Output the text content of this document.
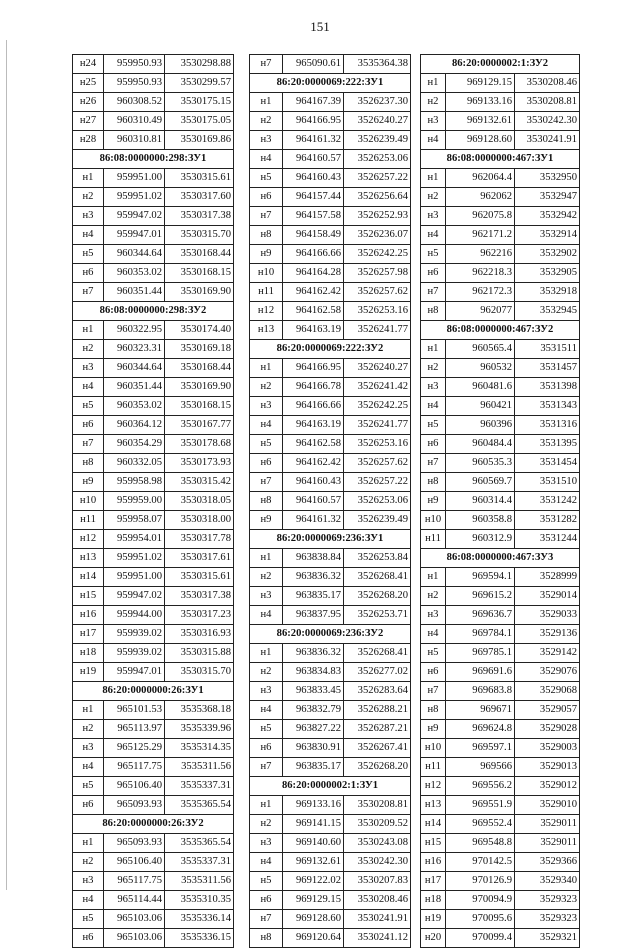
151
н24	959950.93	3530298.88
н25	959950.93	3530299.57
н26	960308.52	3530175.15
н27	960310.49	3530175.05
н28	960310.81	3530169.86
86:08:0000000:298:ЗУ1		
н1	959951.00	3530315.61
н2	959951.02	3530317.60
н3	959947.02	3530317.38
н4	959947.01	3530315.70
н5	960344.64	3530168.44
н6	960353.02	3530168.15
н7	960351.44	3530169.90
86:08:0000000:298:ЗУ2		
н1	960322.95	3530174.40
н2	960323.31	3530169.18
н3	960344.64	3530168.44
н4	960351.44	3530169.90
н5	960353.02	3530168.15
н6	960364.12	3530167.77
н7	960354.29	3530178.68
н8	960332.05	3530173.93
н9	959958.98	3530315.42
н10	959959.00	3530318.05
н11	959958.07	3530318.00
н12	959954.01	3530317.78
н13	959951.02	3530317.61
н14	959951.00	3530315.61
н15	959947.02	3530317.38
н16	959944.00	3530317.23
н17	959939.02	3530316.93
н18	959939.02	3530315.88
н19	959947.01	3530315.70
86:20:0000000:26:ЗУ1		
н1	965101.53	3535368.18
н2	965113.97	3535339.96
н3	965125.29	3535314.35
н4	965117.75	3535311.56
н5	965106.40	3535337.31
н6	965093.93	3535365.54
86:20:0000000:26:ЗУ2		
н1	965093.93	3535365.54
н2	965106.40	3535337.31
н3	965117.75	3535311.56
н4	965114.44	3535310.35
н5	965103.06	3535336.14
н6	965103.06	3535336.15
н7	965090.61	3535364.38
86:20:0000069:222:ЗУ1		
н1	964167.39	3526237.30
н2	964166.95	3526240.27
н3	964161.32	3526239.49
н4	964160.57	3526253.06
н5	964160.43	3526257.22
н6	964157.44	3526256.64
н7	964157.58	3526252.93
н8	964158.49	3526236.07
н9	964166.66	3526242.25
н10	964164.28	3526257.98
н11	964162.42	3526257.62
н12	964162.58	3526253.16
н13	964163.19	3526241.77
86:20:0000069:222:ЗУ2		
н1	964166.95	3526240.27
н2	964166.78	3526241.42
н3	964166.66	3526242.25
н4	964163.19	3526241.77
н5	964162.58	3526253.16
н6	964162.42	3526257.62
н7	964160.43	3526257.22
н8	964160.57	3526253.06
н9	964161.32	3526239.49
86:20:0000069:236:ЗУ1		
н1	963838.84	3526253.84
н2	963836.32	3526268.41
н3	963835.17	3526268.20
н4	963837.95	3526253.71
86:20:0000069:236:ЗУ2		
н1	963836.32	3526268.41
н2	963834.83	3526277.02
н3	963833.45	3526283.64
н4	963832.79	3526288.21
н5	963827.22	3526287.21
н6	963830.91	3526267.41
н7	963835.17	3526268.20
86:20:0000002:1:ЗУ1		
н1	969133.16	3530208.81
н2	969141.15	3530209.52
н3	969140.60	3530243.08
н4	969132.61	3530242.30
н5	969122.02	3530207.83
н6	969129.15	3530208.46
н7	969128.60	3530241.91
н8	969120.64	3530241.12
86:20:0000002:1:ЗУ2		
н1	969129.15	3530208.46
н2	969133.16	3530208.81
н3	969132.61	3530242.30
н4	969128.60	3530241.91
86:08:0000000:467:ЗУ1		
н1	962064.4	3532950
н2	962062	3532947
н3	962075.8	3532942
н4	962171.2	3532914
н5	962216	3532902
н6	962218.3	3532905
н7	962172.3	3532918
н8	962077	3532945
86:08:0000000:467:ЗУ2		
н1	960565.4	3531511
н2	960532	3531457
н3	960481.6	3531398
н4	960421	3531343
н5	960396	3531316
н6	960484.4	3531395
н7	960535.3	3531454
н8	960569.7	3531510
н9	960314.4	3531242
н10	960358.8	3531282
н11	960312.9	3531244
86:08:0000000:467:ЗУ3		
н1	969594.1	3528999
н2	969615.2	3529014
н3	969636.7	3529033
н4	969784.1	3529136
н5	969785.1	3529142
н6	969691.6	3529076
н7	969683.8	3529068
н8	969671	3529057
н9	969624.8	3529028
н10	969597.1	3529003
н11	969566	3529013
н12	969556.2	3529012
н13	969551.9	3529010
н14	969552.4	3529011
н15	969548.8	3529011
н16	970142.5	3529366
н17	970126.9	3529340
н18	970094.9	3529323
н19	970095.6	3529323
н20	970099.4	3529321
